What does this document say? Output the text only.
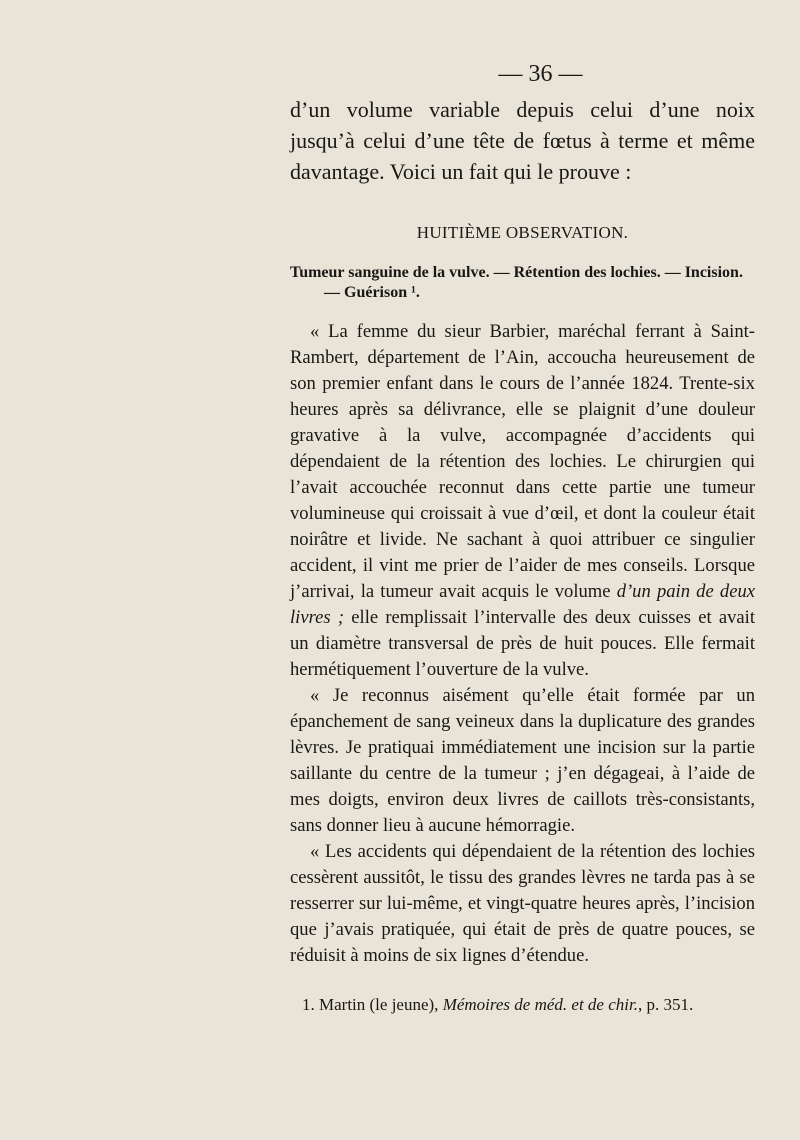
— 36 —

d’un volume variable depuis celui d’une noix jusqu’à celui d’une tête de fœtus à terme et même davantage. Voici un fait qui le prouve :

HUITIÈME OBSERVATION.
Tumeur sanguine de la vulve. — Rétention des lochies. — Incision.
— Guérison ¹.

« La femme du sieur Barbier, maréchal ferrant à Saint-Rambert, département de l’Ain, accoucha heureusement de son premier enfant dans le cours de l’année 1824. Trente-six heures après sa délivrance, elle se plaignit d’une douleur gravative à la vulve, accompagnée d’accidents qui dépendaient de la rétention des lochies. Le chirurgien qui l’avait accouchée reconnut dans cette partie une tumeur volumineuse qui croissait à vue d’œil, et dont la couleur était noirâtre et livide. Ne sachant à quoi attribuer ce singulier accident, il vint me prier de l’aider de mes conseils. Lorsque j’arrivai, la tumeur avait acquis le volume d’un pain de deux livres ; elle remplissait l’intervalle des deux cuisses et avait un diamètre transversal de près de huit pouces. Elle fermait hermétiquement l’ouverture de la vulve.

« Je reconnus aisément qu’elle était formée par un épanchement de sang veineux dans la duplicature des grandes lèvres. Je pratiquai immédiatement une incision sur la partie saillante du centre de la tumeur ; j’en dégageai, à l’aide de mes doigts, environ deux livres de caillots très-consistants, sans donner lieu à aucune hémorragie.

« Les accidents qui dépendaient de la rétention des lochies cessèrent aussitôt, le tissu des grandes lèvres ne tarda pas à se resserrer sur lui-même, et vingt-quatre heures après, l’incision que j’avais pratiquée, qui était de près de quatre pouces, se réduisit à moins de six lignes d’étendue.

1. Martin (le jeune), Mémoires de méd. et de chir., p. 351.
